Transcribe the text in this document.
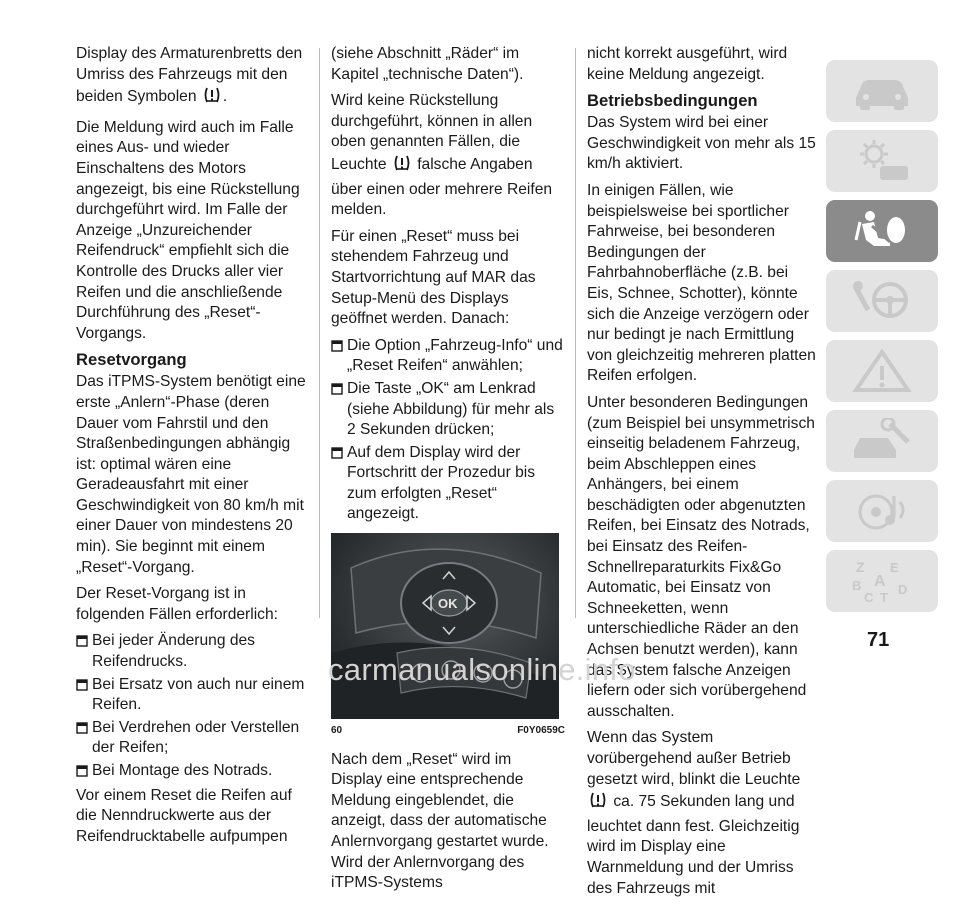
Display des Armaturenbretts den Umriss des Fahrzeugs mit den beiden Symbolen .

Die Meldung wird auch im Falle eines Aus- und wieder Einschaltens des Motors angezeigt, bis eine Rückstellung durchgeführt wird. Im Falle der Anzeige „Unzureichender Reifendruck“ empfiehlt sich die Kontrolle des Drucks aller vier Reifen und die anschließende Durchführung des „Reset“-Vorgangs.

Resetvorgang

Das iTPMS-System benötigt eine erste „Anlern“-Phase (deren Dauer vom Fahrstil und den Straßenbedingungen abhängig ist: optimal wären eine Geradeausfahrt mit einer Geschwindigkeit von 80 km/h mit einer Dauer von mindestens 20 min). Sie beginnt mit einem „Reset“-Vorgang.

Der Reset-Vorgang ist in folgenden Fällen erforderlich:

Bei jeder Änderung des Reifendrucks.
Bei Ersatz von auch nur einem Reifen.
Bei Verdrehen oder Verstellen der Reifen;
Bei Montage des Notrads.

Vor einem Reset die Reifen auf die Nenndruckwerte aus der Reifendrucktabelle aufpumpen

(siehe Abschnitt „Räder“ im Kapitel „technische Daten“).

Wird keine Rückstellung durchgeführt, können in allen oben genannten Fällen, die Leuchte falsche Angaben über einen oder mehrere Reifen melden.

Für einen „Reset“ muss bei stehendem Fahrzeug und Startvorrichtung auf MAR das Setup-Menü des Displays geöffnet werden. Danach:

Die Option „Fahrzeug-Info“ und „Reset Reifen“ anwählen;
Die Taste „OK“ am Lenkrad (siehe Abbildung) für mehr als 2 Sekunden drücken;
Auf dem Display wird der Fortschritt der Prozedur bis zum erfolgten „Reset“ angezeigt.
OK
60	F0Y0659C

Nach dem „Reset“ wird im Display eine entsprechende Meldung eingeblendet, die anzeigt, dass der automatische Anlernvorgang gestartet wurde. Wird der Anlernvorgang des iTPMS-Systems

nicht korrekt ausgeführt, wird keine Meldung angezeigt.

Betriebsbedingungen

Das System wird bei einer Geschwindigkeit von mehr als 15 km/h aktiviert.

In einigen Fällen, wie beispielsweise bei sportlicher Fahrweise, bei besonderen Bedingungen der Fahrbahnoberfläche (z.B. bei Eis, Schnee, Schotter), könnte sich die Anzeige verzögern oder nur bedingt je nach Ermittlung von gleichzeitig mehreren platten Reifen erfolgen.

Unter besonderen Bedingungen (zum Beispiel bei unsymmetrisch einseitig beladenem Fahrzeug, beim Abschleppen eines Anhängers, bei einem beschädigten oder abgenutzten Reifen, bei Einsatz des Notrads, bei Einsatz des Reifen-Schnellreparaturkits Fix&Go Automatic, bei Einsatz von Schneeketten, wenn unterschiedliche Räder an den Achsen benutzt werden), kann das System falsche Anzeigen liefern oder sich vorübergehend ausschalten.

Wenn das System vorübergehend außer Betrieb gesetzt wird, blinkt die Leuchte  ca. 75 Sekunden lang und leuchtet dann fest. Gleichzeitig wird im Display eine Warnmeldung und der Umriss des Fahrzeugs mit

Z E
B A
C T
D
71
carmanualsonline.info
